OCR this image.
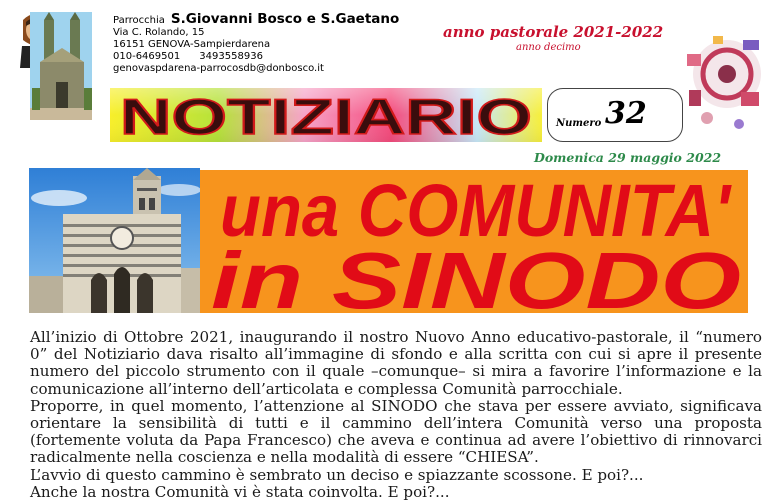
Parrocchia S.Giovanni Bosco e S.Gaetano
Via C. Rolando, 15
16151 GENOVA-Sampierdarena
010-6469501      3493558936
genovaspdarena-parrocosdb@donbosco.it
anno pastorale 2021-2022
anno decimo
NOTIZIARIO Numero 32
Domenica 29 maggio 2022
una COMUNITA'
in SINODO

All’inizio di Ottobre 2021, inaugurando il nostro Nuovo Anno educativo-pastorale, il “numero 0” del Notiziario dava risalto all’immagine di sfondo e alla scritta con cui si apre il presente numero del piccolo strumento con il quale –comunque– si mira a favorire l’informazione e la comunicazione all’interno dell’articolata e complessa Comunità parrocchiale.

Proporre, in quel momento, l’attenzione al SINODO che stava per essere avviato, significava orientare la sensibilità di tutti e il cammino dell’intera Comunità verso una proposta (fortemente voluta da Papa Francesco) che aveva e continua ad avere l’obiettivo di rinnovarci radicalmente nella coscienza e nella modalità di essere “CHIESA”.

L’avvio di questo cammino è sembrato un deciso e spiazzante scossone. E poi?...

Anche la nostra Comunità vi è stata coinvolta. E poi?...
